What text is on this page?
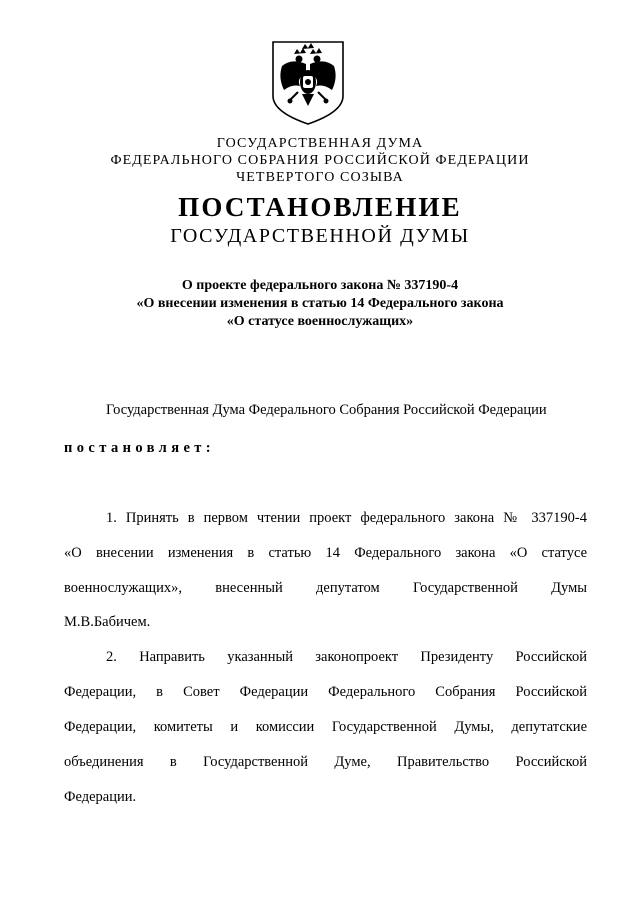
ГОСУДАРСТВЕННАЯ ДУМА
ФЕДЕРАЛЬНОГО СОБРАНИЯ РОССИЙСКОЙ ФЕДЕРАЦИИ
ЧЕТВЕРТОГО СОЗЫВА
ПОСТАНОВЛЕНИЕ
ГОСУДАРСТВЕННОЙ ДУМЫ
О проекте федерального закона № 337190-4
«О внесении изменения в статью 14 Федерального закона
«О статусе военнослужащих»
Государственная Дума Федерального Собрания Российской Федерации
постановляет:
1. Принять в первом чтении проект федерального закона № 337190-4
«О внесении изменения в статью 14 Федерального закона «О статусе
военнослужащих», внесенный депутатом Государственной Думы
М.В.Бабичем.
2. Направить указанный законопроект Президенту Российской
Федерации, в Совет Федерации Федерального Собрания Российской
Федерации, комитеты и комиссии Государственной Думы, депутатские
объединения в Государственной Думе, Правительство Российской
Федерации.
